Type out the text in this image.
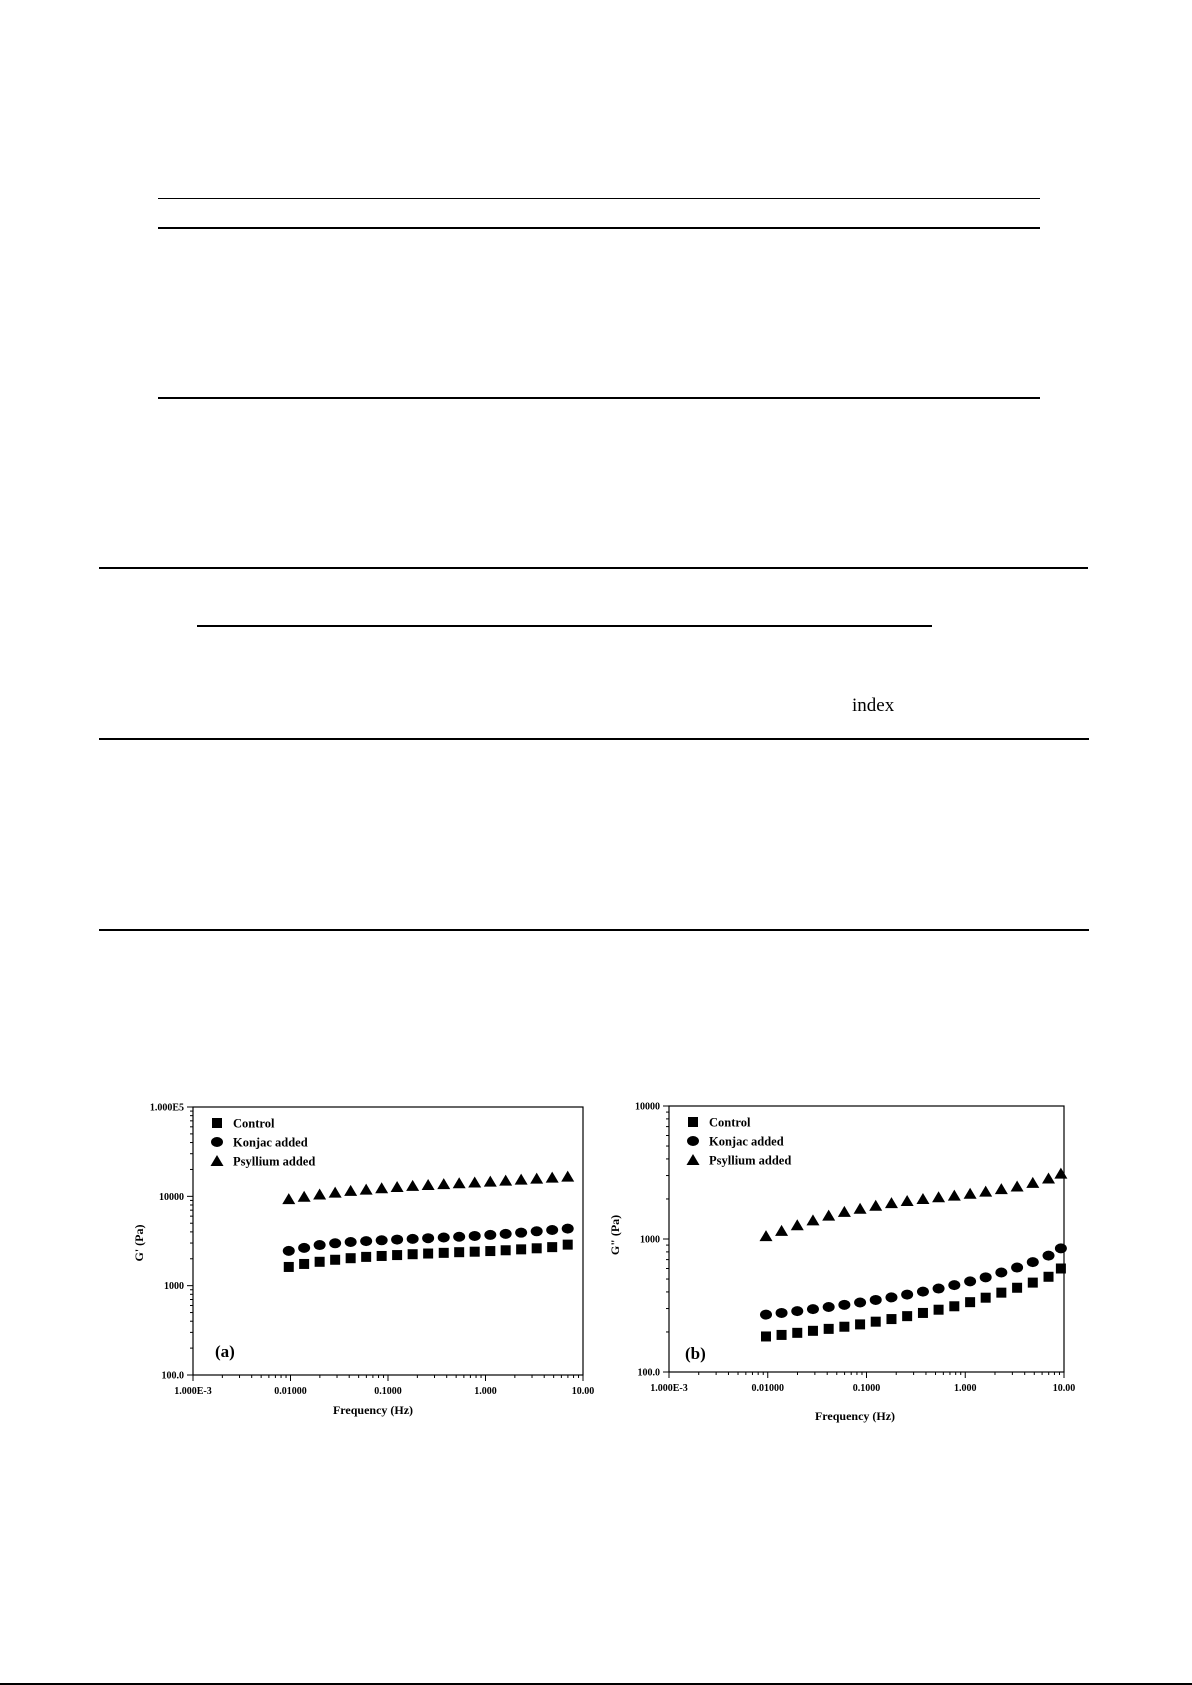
index
100.0
1000
10000
1.000E5
1.000E-3	0.01000	0.1000	1.000	10.00
Frequency (Hz)
G' (Pa)
(a)
Control
Konjac added
Psyllium added
100.0
1000
10000
1.000E-3	0.01000	0.1000	1.000	10.00
Frequency (Hz)
G" (Pa)
(b)
Control
Konjac added
Psyllium added
